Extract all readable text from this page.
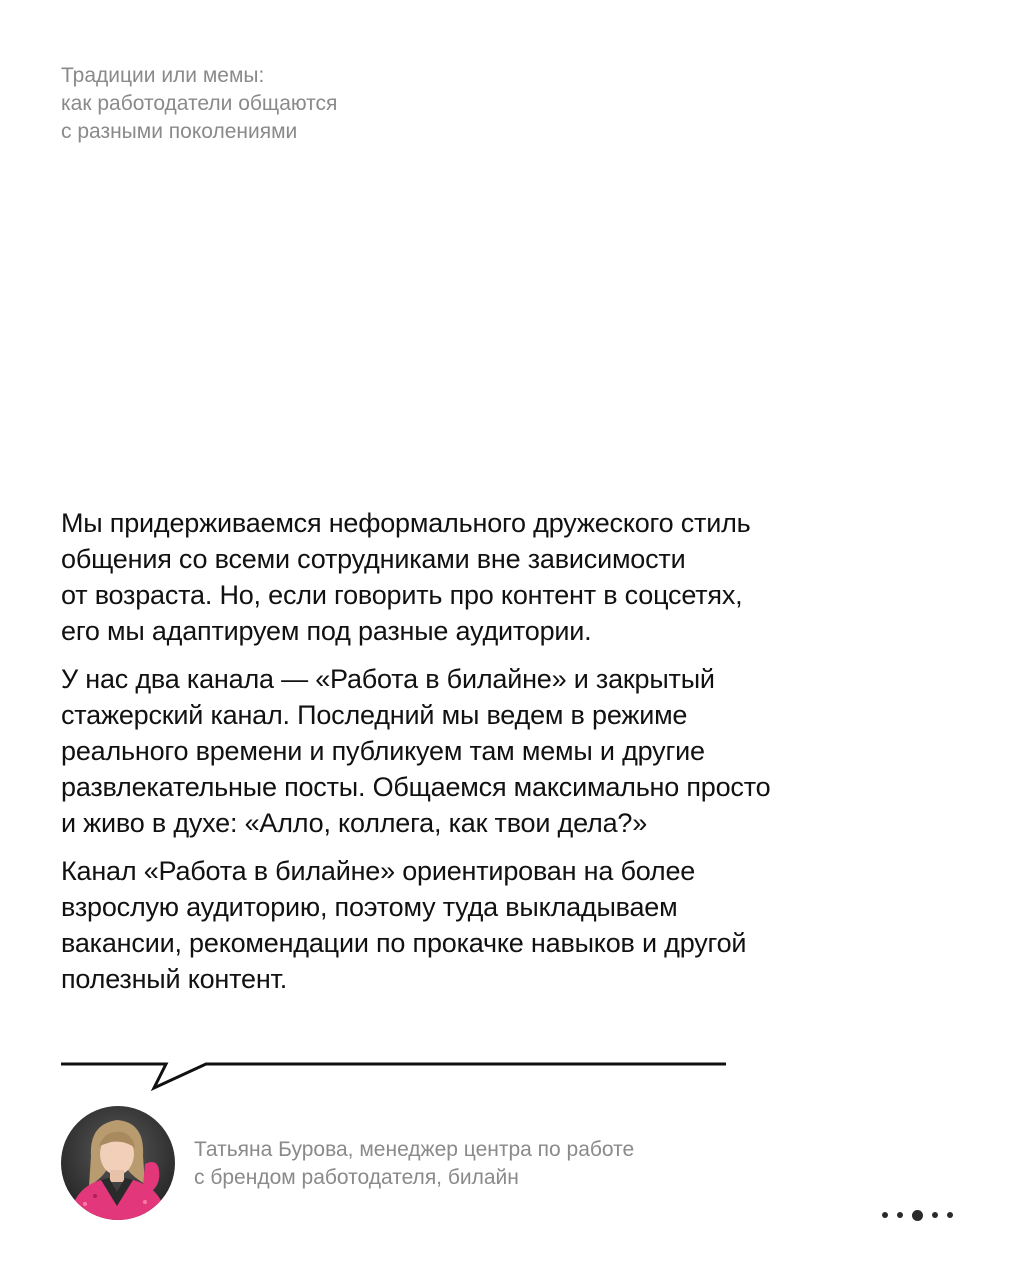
Традиции или мемы:
как работодатели общаются
с разными поколениями

Мы придерживаемся неформального дружеского стиль
общения со всеми сотрудниками вне зависимости
от возраста. Но, если говорить про контент в соцсетях,
его мы адаптируем под разные аудитории.

У нас два канала — «Работа в билайне» и закрытый
стажерский канал. Последний мы ведем в режиме
реального времени и публикуем там мемы и другие
развлекательные посты. Общаемся максимально просто
и живо в духе: «Алло, коллега, как твои дела?»

Канал «Работа в билайне» ориентирован на более
взрослую аудиторию, поэтому туда выкладываем
вакансии, рекомендации по прокачке навыков и другой
полезный контент.

Татьяна Бурова, менеджер центра по работе
с брендом работодателя, билайн
